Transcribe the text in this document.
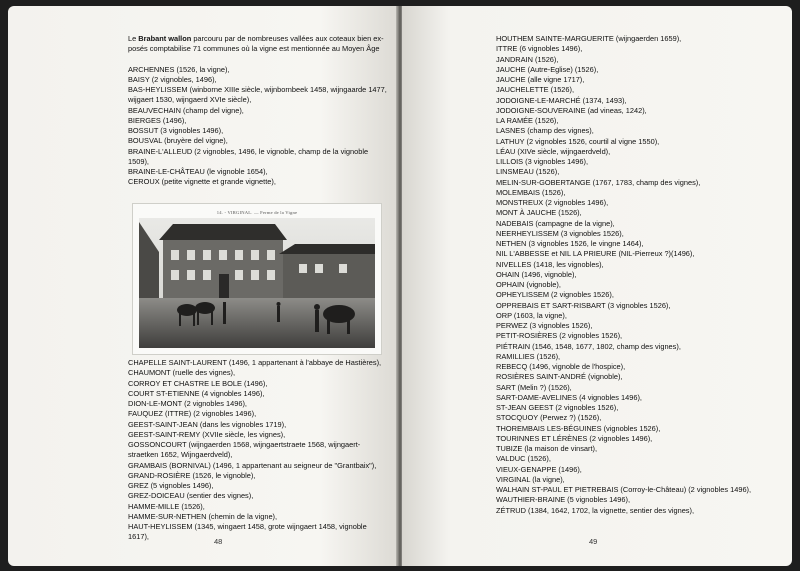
Le Brabant wallon parcouru par de nombreuses vallées aux coteaux bien ex-
posés comptabilise 71 communes où la vigne est mentionnée au Moyen Âge
ARCHENNES (1526, la vigne),
BAISY (2 vignobles, 1496),
BAS-HEYLISSEM (winborne XIIIe siècle, wijnbornbeek 1458, wijngaarde 1477,
wijgaert 1530, wijngaerd XVIe siècle),
BEAUVECHAIN (champ del vigne),
BIERGES (1496),
BOSSUT (3 vignobles 1496),
BOUSVAL (bruyère del vigne),
BRAINE-L'ALLEUD (2 vignobles, 1496, le vignoble, champ de la vignoble
1509),
BRAINE-LE-CHÂTEAU (le vignoble 1654),
CEROUX (petite vignette et grande vignette),
14. - VIRGINAL. — Ferme de la Vigne
CHAPELLE SAINT-LAURENT (1496, 1 appartenant à l'abbaye de Hastières),
CHAUMONT (ruelle des vignes),
CORROY ET CHASTRE LE BOLE (1496),
COURT ST-ETIENNE (4 vignobles 1496),
DION-LE-MONT (2 vignobles 1496),
FAUQUEZ (ITTRE) (2 vignobles 1496),
GEEST-SAINT-JEAN (dans les vignobles 1719),
GEEST-SAINT-REMY (XVIIe siècle, les vignes),
GOSSONCOURT (wijngaerden 1568, wijngaertstraete 1568, wijngaert-
straetken 1652, Wijngaerdveld),
GRAMBAIS (BORNIVAL) (1496, 1 appartenant au seigneur de "Grantbaix"),
GRAND-ROSIÈRE (1526, le vignoble),
GREZ (5 vignobles 1496),
GREZ-DOICEAU (sentier des vignes),
HAMME-MILLE (1526),
HAMME-SUR-NETHEN (chemin de la vigne),
HAUT-HEYLISSEM (1345, wingaert 1458, grote wijngaert 1458, vignoble
1617),
48
HOUTHEM SAINTE-MARGUERITE (wijngaerden 1659),
ITTRE (6 vignobles 1496),
JANDRAIN (1526),
JAUCHE (Autre-Eglise) (1526),
JAUCHE (alle vigne 1717),
JAUCHELETTE (1526),
JODOIGNE-LE-MARCHÉ (1374, 1493),
JODOIGNE-SOUVERAINE (ad vineas, 1242),
LA RAMÉE (1526),
LASNES (champ des vignes),
LATHUY (2 vignobles 1526, courtil al vigne 1550),
LÉAU (XIVe siècle, wijngaerdveld),
LILLOIS (3 vignobles 1496),
LINSMEAU (1526),
MELIN-SUR-GOBERTANGE (1767, 1783, champ des vignes),
MOLEMBAIS (1526),
MONSTREUX (2 vignobles 1496),
MONT À JAUCHE (1526),
NADEBAIS (campagne de la vigne),
NEERHEYLISSEM (3 vignobles 1526),
NETHEN (3 vignobles 1526, le vingne 1464),
NIL L'ABBESSE et NIL LA PRIEURE (NIL-Pierreux ?)(1496),
NIVELLES (1418, les vignobles),
OHAIN (1496, vignoble),
OPHAIN (vignoble),
OPHEYLISSEM (2 vignobles 1526),
OPPREBAIS ET SART-RISBART (3 vignobles 1526),
ORP (1603, la vigne),
PERWEZ (3 vignobles 1526),
PETIT-ROSIÈRES (2 vignobles 1526),
PIÉTRAIN (1546, 1548, 1677, 1802, champ des vignes),
RAMILLIES (1526),
REBECQ (1496, vignoble de l'hospice),
ROSIÈRES SAINT-ANDRÉ (vignoble),
SART (Melin ?) (1526),
SART-DAME-AVELINES (4 vignobles 1496),
ST-JEAN GEEST (2 vignobles 1526),
STOCQUOY (Perwez ?) (1526),
THOREMBAIS LES-BÉGUINES (vignobles 1526),
TOURINNES ET LÉRÈNES (2 vignobles 1496),
TUBIZE (la maison de vinsart),
VALDUC (1526),
VIEUX-GENAPPE (1496),
VIRGINAL (la vigne),
WALHAIN ST-PAUL ET PIETREBAIS (Corroy-le-Château) (2 vignobles 1496),
WAUTHIER-BRAINE (5 vignobles 1496),
ZÉTRUD (1384, 1642, 1702, la vignette, sentier des vignes),
49
